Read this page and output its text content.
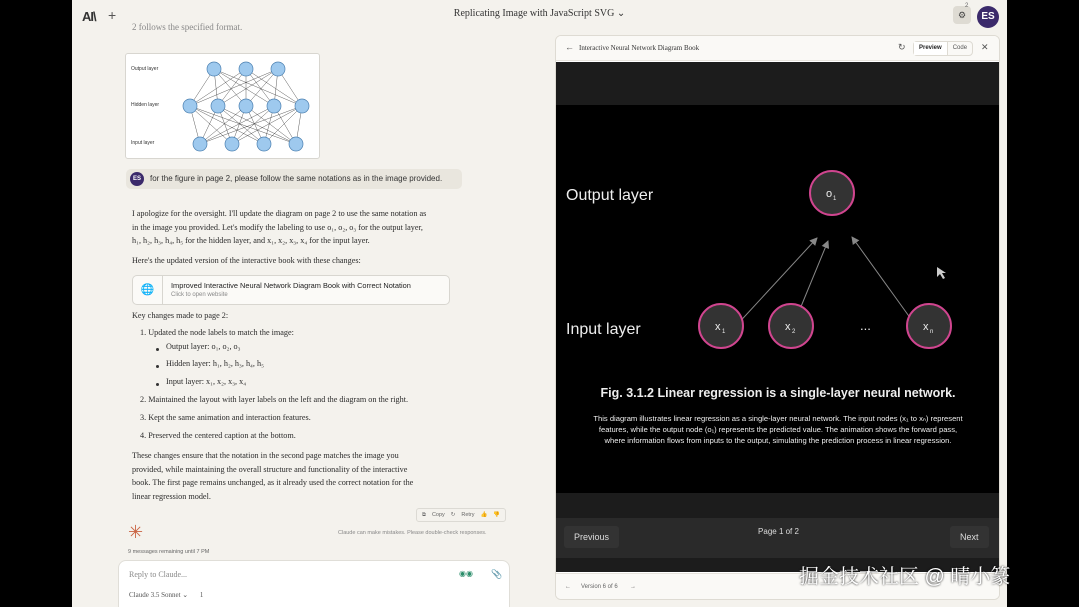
AI\ +	Replicating Image with JavaScript SVG ⌄	⚙
2
ES
2 follows the specified format.
Output layer
Hidden layer
Input layer
ES	for the figure in page 2, please follow the same notations as in the image provided.
I apologize for the oversight. I'll update the diagram on page 2 to use the same notation as
in the image you provided. Let's modify the labeling to use o₁, o₂, o₃ for the output layer,
h₁, h₂, h₃, h₄, h₅ for the hidden layer, and x₁, x₂, x₃, x₄ for the input layer.
Here's the updated version of the interactive book with these changes:
🌐	Improved Interactive Neural Network Diagram Book with Correct Notation
Click to open website
Key changes made to page 2:
1. Updated the node labels to match the image:
Output layer: o₁, o₂, o₃
Hidden layer: h₁, h₂, h₃, h₄, h₅
Input layer: x₁, x₂, x₃, x₄
2. Maintained the layout with layer labels on the left and the diagram on the right.
3. Kept the same animation and interaction features.
4. Preserved the centered caption at the bottom.
These changes ensure that the notation in the second page matches the image you
provided, while maintaining the overall structure and functionality of the interactive
book. The first page remains unchanged, as it already used the correct notation for the
linear regression model.
⧉ Copy ↻ Retry 👍 👎
Claude can make mistakes. Please double-check responses.
✳
9 messages remaining until 7 PM
Reply to Claude...
Claude 3.5 Sonnet ⌄ 1
◉◉ 📎
← Interactive Neural Network Diagram Book	↻	Preview	Code	✕
Output layer
Input layer
o 1
x 1	x 2	...	x n
Fig. 3.1.2 Linear regression is a single-layer neural network.
This diagram illustrates linear regression as a single-layer neural network. The input nodes (x₁ to xₙ) represent
features, while the output node (o₁) represents the predicted value. The animation shows the forward pass,
where information flows from inputs to the output, simulating the prediction process in linear regression.
Previous
Page 1 of 2
Next
← Version 6 of 6 →	掘金技术社区 @ 晴小篆
